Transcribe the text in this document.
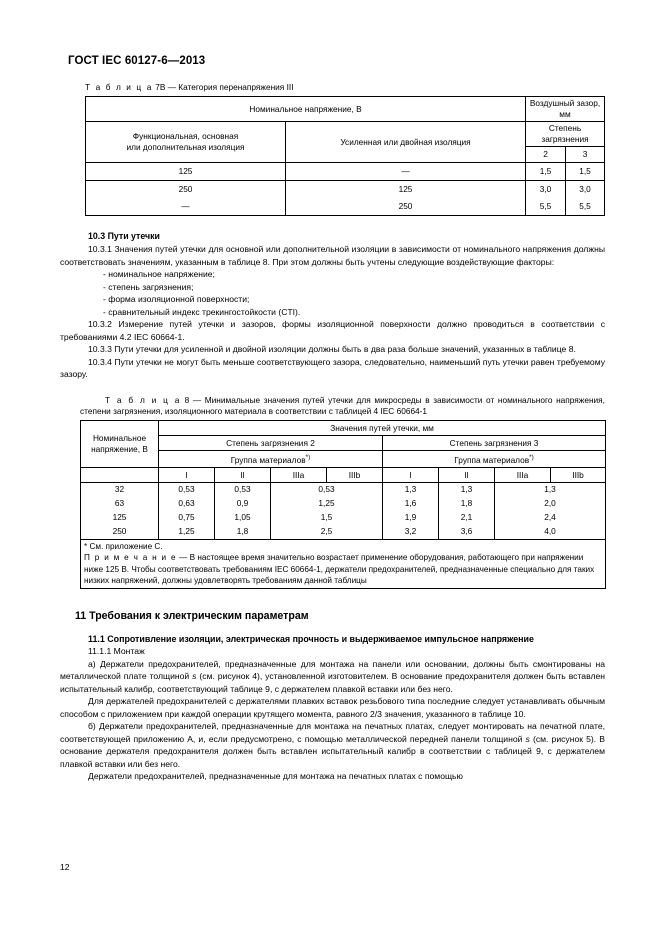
ГОСТ IEC 60127-6—2013
Т а б л и ц а 7В — Категория перенапряжения III
Номинальное напряжение, В		Воздушный зазор, мм	
Функциональная, основная
или дополнительная изоляция	Усиленная или двойная изоляция	Степень загрязнения	
		2	3
125	—	1,5	1,5
250	125	3,0	3,0
—	250	5,5	5,5
10.3 Пути утечки

10.3.1 Значения путей утечки для основной или дополнительной изоляции в зависимости от номинального напряжения должны соответствовать значениям, указанным в таблице 8. При этом должны быть учтены следующие воздействующие факторы:

- номинальное напряжение;

- степень загрязнения;

- форма изоляционной поверхности;

- сравнительный индекс трекингостойкости (CTI).

10.3.2 Измерение путей утечки и зазоров, формы изоляционной поверхности должно проводиться в соответствии с требованиями 4.2 IEC 60664-1.

10.3.3 Пути утечки для усиленной и двойной изоляции должны быть в два раза больше значений, указанных в таблице 8.

10.3.4 Пути утечки не могут быть меньше соответствующего зазора, следовательно, наименьший путь утечки равен требуемому зазору.

Т а б л и ц а 8 — Минимальные значения путей утечки для микросреды в зависимости от номинального напряжения, степени загрязнения, изоляционного материала в соответствии с таблицей 4 IEC 60664-1
Номинальное
напряжение, В	Значения путей утечки, мм							
	Степень загрязнения 2				Степень загрязнения 3			
	Группа материалов*)				Группа материалов*)
	I	II	IIIa	IIIb	I	II	IIIa	IIIb
32	0,53	0,53	0,53		1,3	1,3	1,3	
63	0,63	0,9	1,25		1,6	1,8	2,0	
125	0,75	1,05	1,5		1,9	2,1	2,4	
250	1,25	1,8	2,5		3,2	3,6	4,0	

* См. приложение С.
П р и м е ч а н и е — В настоящее время значительно возрастает применение оборудования, работающего при напряжении ниже 125 В. Чтобы соответствовать требованиям IEC 60664-1, держатели предохранителей, предназначенные специально для таких низких напряжений, должны удовлетворять требованиям данной таблицы								
11 Требования к электрическим параметрам
11.1 Сопротивление изоляции, электрическая прочность и выдерживаемое импульсное напряжение

11.1.1 Монтаж

а) Держатели предохранителей, предназначенные для монтажа на панели или основании, должны быть смонтированы на металлической плате толщиной s (см. рисунок 4), установленной изготовителем. В основание предохранителя должен быть вставлен испытательный калибр, соответствующий таблице 9, с держателем плавкой вставки или без него.

Для держателей предохранителей с держателями плавких вставок резьбового типа последние следует устанавливать обычным способом с приложением при каждой операции крутящего момента, равного 2/3 значения, указанного в таблице 10.

б) Держатели предохранителей, предназначенные для монтажа на печатных платах, следует монтировать на печатной плате, соответствующей приложению А, и, если предусмотрено, с помощью металлической передней панели толщиной s (см. рисунок 5). В основание держателя предохранителя должен быть вставлен испытательный калибр в соответствии с таблицей 9, с держателем плавкой вставки или без него.

Держатели предохранителей, предназначенные для монтажа на печатных платах с помощью

12
